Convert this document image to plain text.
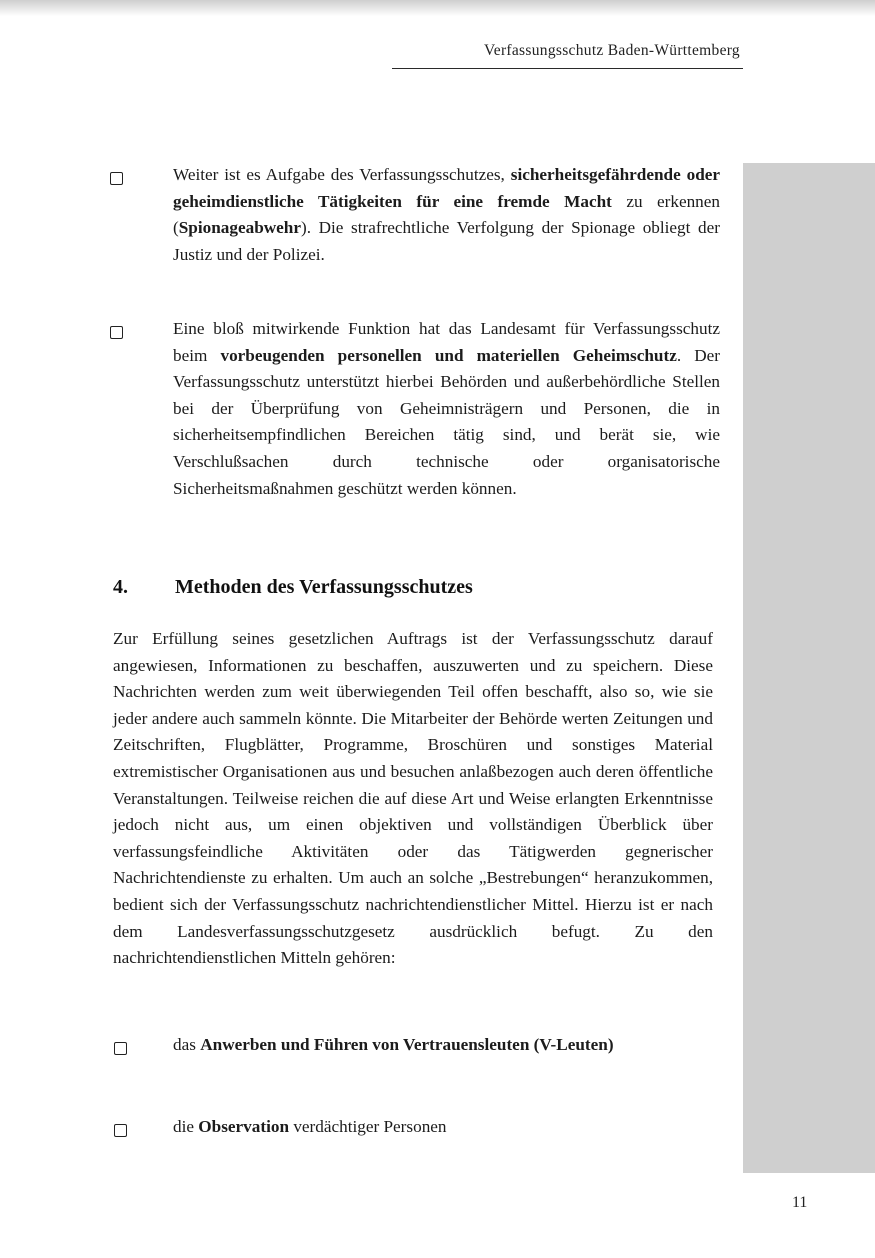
Verfassungsschutz Baden-Württemberg
Weiter ist es Aufgabe des Verfassungsschutzes, sicherheitsgefährdende oder geheimdienstliche Tätigkeiten für eine fremde Macht zu erkennen (Spionageabwehr). Die strafrechtliche Verfolgung der Spionage obliegt der Justiz und der Polizei.
Eine bloß mitwirkende Funktion hat das Landesamt für Verfassungsschutz beim vorbeugenden personellen und materiellen Geheimschutz. Der Verfassungsschutz unterstützt hierbei Behörden und außerbehördliche Stellen bei der Überprüfung von Geheimnisträgern und Personen, die in sicherheitsempfindlichen Bereichen tätig sind, und berät sie, wie Verschlußsachen durch technische oder organisatorische Sicherheitsmaßnahmen geschützt werden können.
4. Methoden des Verfassungsschutzes
Zur Erfüllung seines gesetzlichen Auftrags ist der Verfassungsschutz darauf angewiesen, Informationen zu beschaffen, auszuwerten und zu speichern. Diese Nachrichten werden zum weit überwiegenden Teil offen beschafft, also so, wie sie jeder andere auch sammeln könnte. Die Mitarbeiter der Behörde werten Zeitungen und Zeitschriften, Flugblätter, Programme, Broschüren und sonstiges Material extremistischer Organisationen aus und besuchen anlaßbezogen auch deren öffentliche Veranstaltungen. Teilweise reichen die auf diese Art und Weise erlangten Erkenntnisse jedoch nicht aus, um einen objektiven und vollständigen Überblick über verfassungsfeindliche Aktivitäten oder das Tätigwerden gegnerischer Nachrichtendienste zu erhalten. Um auch an solche „Bestrebungen“ heranzukommen, bedient sich der Verfassungsschutz nachrichtendienstlicher Mittel. Hierzu ist er nach dem Landesverfassungsschutzgesetz ausdrücklich befugt. Zu den nachrichtendienstlichen Mitteln gehören:
das Anwerben und Führen von Vertrauensleuten (V-Leuten)
die Observation verdächtiger Personen
11
